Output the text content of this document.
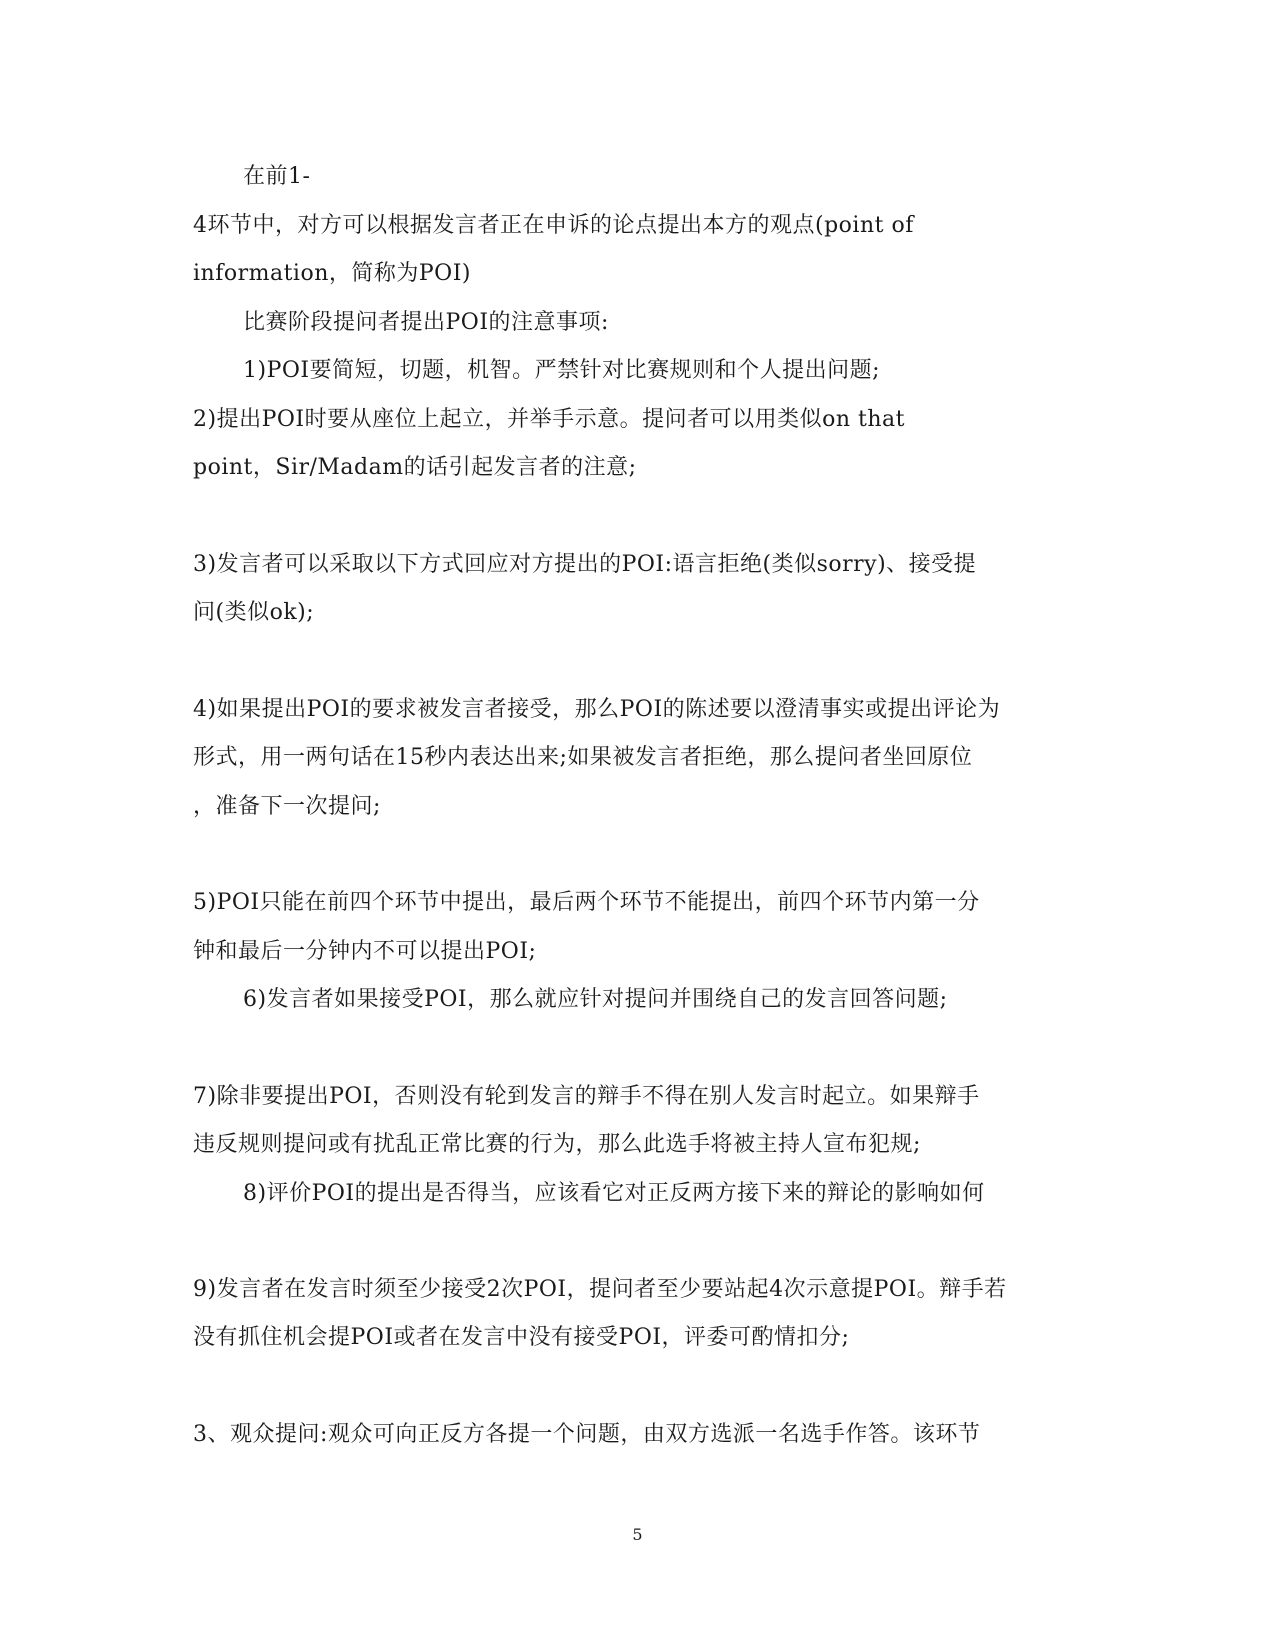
在前1-
4环节中，对方可以根据发言者正在申诉的论点提出本方的观点(point of
information，简称为POI)
比赛阶段提问者提出POI的注意事项:
1)POI要简短，切题，机智。严禁针对比赛规则和个人提出问题;
2)提出POI时要从座位上起立，并举手示意。提问者可以用类似on that
point，Sir/Madam的话引起发言者的注意;
3)发言者可以采取以下方式回应对方提出的POI:语言拒绝(类似sorry)、接受提
问(类似ok);
4)如果提出POI的要求被发言者接受，那么POI的陈述要以澄清事实或提出评论为
形式，用一两句话在15秒内表达出来;如果被发言者拒绝，那么提问者坐回原位
，准备下一次提问;
5)POI只能在前四个环节中提出，最后两个环节不能提出，前四个环节内第一分
钟和最后一分钟内不可以提出POI;
6)发言者如果接受POI，那么就应针对提问并围绕自己的发言回答问题;
7)除非要提出POI，否则没有轮到发言的辩手不得在别人发言时起立。如果辩手
违反规则提问或有扰乱正常比赛的行为，那么此选手将被主持人宣布犯规;
8)评价POI的提出是否得当，应该看它对正反两方接下来的辩论的影响如何
9)发言者在发言时须至少接受2次POI，提问者至少要站起4次示意提POI。辩手若
没有抓住机会提POI或者在发言中没有接受POI，评委可酌情扣分;
3、观众提问:观众可向正反方各提一个问题，由双方选派一名选手作答。该环节
5
